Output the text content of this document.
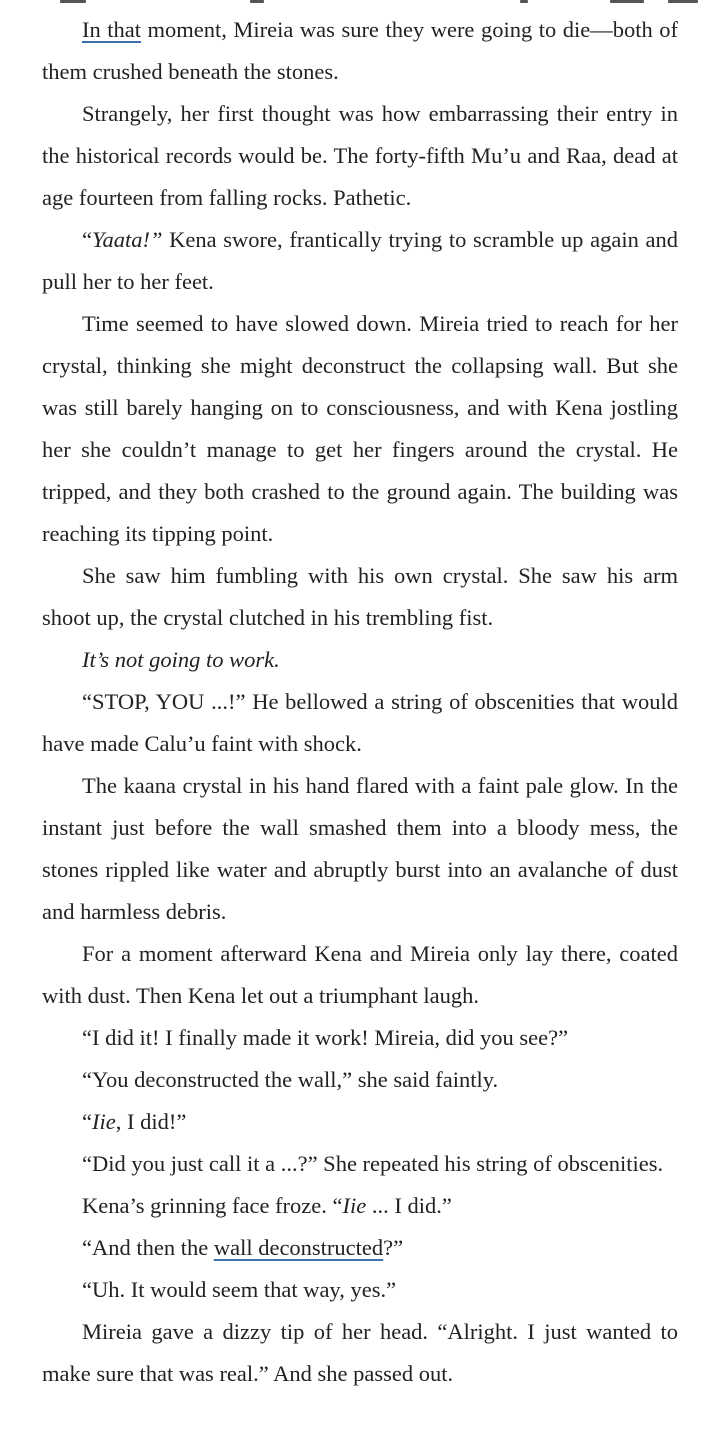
In that moment, Mireia was sure they were going to die—both of them crushed beneath the stones.

Strangely, her first thought was how embarrassing their entry in the historical records would be. The forty-fifth Mu’u and Raa, dead at age fourteen from falling rocks. Pathetic.

“Yaata!” Kena swore, frantically trying to scramble up again and pull her to her feet.

Time seemed to have slowed down. Mireia tried to reach for her crystal, thinking she might deconstruct the collapsing wall. But she was still barely hanging on to consciousness, and with Kena jostling her she couldn’t manage to get her fingers around the crystal. He tripped, and they both crashed to the ground again. The building was reaching its tipping point.

She saw him fumbling with his own crystal. She saw his arm shoot up, the crystal clutched in his trembling fist.

It’s not going to work.

“STOP, YOU ...!” He bellowed a string of obscenities that would have made Calu’u faint with shock.

The kaana crystal in his hand flared with a faint pale glow. In the instant just before the wall smashed them into a bloody mess, the stones rippled like water and abruptly burst into an avalanche of dust and harmless debris.

For a moment afterward Kena and Mireia only lay there, coated with dust. Then Kena let out a triumphant laugh.

“I did it! I finally made it work! Mireia, did you see?”

“You deconstructed the wall,” she said faintly.

“Iie, I did!”

“Did you just call it a ...?” She repeated his string of obscenities.

Kena’s grinning face froze. “Iie ... I did.”

“And then the wall deconstructed?”

“Uh. It would seem that way, yes.”

Mireia gave a dizzy tip of her head. “Alright. I just wanted to make sure that was real.” And she passed out.
